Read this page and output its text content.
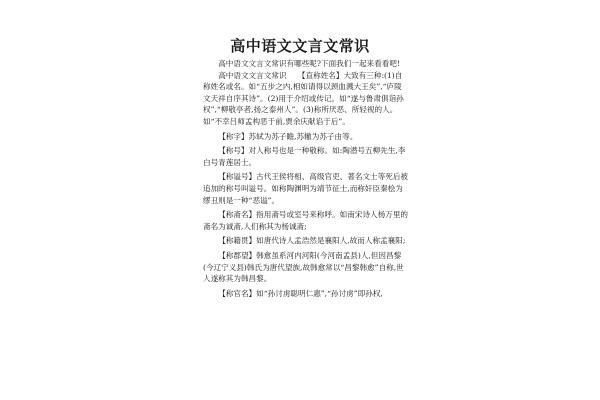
高中语文文言文常识

高中语文文言文常识有哪些呢?下面我们一起来看看吧!

高中语文文言文常识　　【直称姓名】大致有三种:(1)自称姓名或名。如“五步之内,相如请得以颈血溅大王矣”,“庐陵文天祥自序其诗”。(2)用于介绍或传记。如“遂与鲁肃俱诣孙权”,“柳敬亭者,扬之泰州人”。(3)称所厌恶、所轻视的人。如“不幸吕师孟构恶于前,贾余庆献谄于后”。

【称字】苏轼为苏子瞻,苏辙为苏子由等。

【称号】对人称号也是一种敬称。如:陶潜号五柳先生,李白号青莲居士。

【称谥号】古代王侯将相、高级官吏、著名文士等死后被追加的称号叫谥号。如称陶渊明为靖节征士,而称奸臣秦桧为缪丑则是一种“恶谥”。

【称斋名】指用斋号或室号来称呼。如南宋诗人杨万里的斋名为诚斋,人们称其为杨诚斋;

【称籍贯】如唐代诗人孟浩然是襄阳人,故而人称孟襄阳;

【称郡望】韩愈虽系河内河阳(今河南孟县)人,但因昌黎(今辽宁义县)韩氏为唐代望族,故韩愈常以“昌黎韩愈”自称,世人遂称其为韩昌黎。

【称官名】如“孙讨虏聪明仁惠”,“孙讨虏”即孙权,
